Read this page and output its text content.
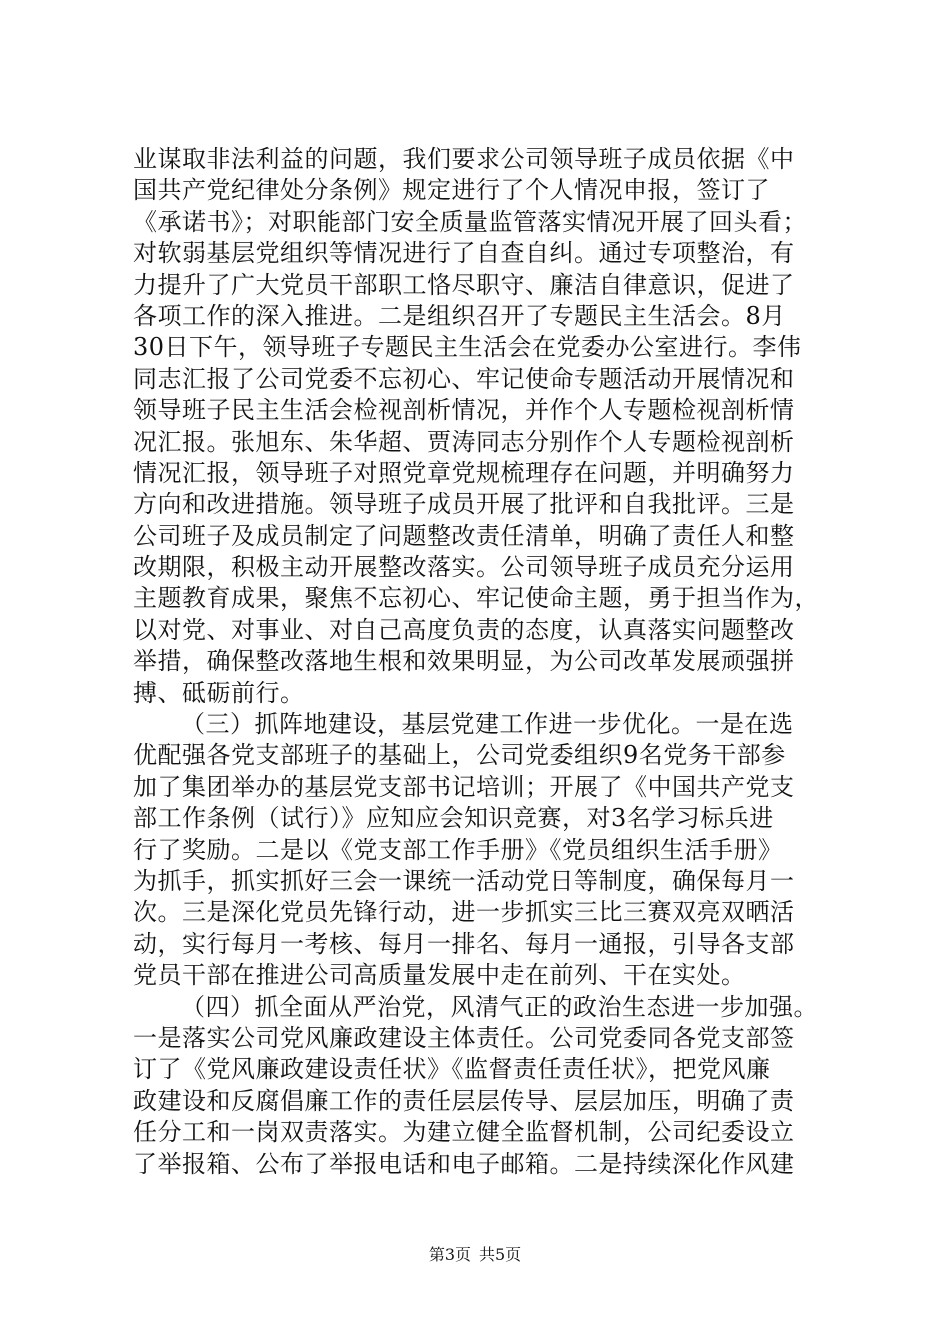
业谋取非法利益的问题，我们要求公司领导班子成员依据《中
国共产党纪律处分条例》规定进行了个人情况申报，签订了
《承诺书》；对职能部门安全质量监管落实情况开展了回头看；
对软弱基层党组织等情况进行了自查自纠。通过专项整治，有
力提升了广大党员干部职工恪尽职守、廉洁自律意识，促进了
各项工作的深入推进。二是组织召开了专题民主生活会。8月
30日下午，领导班子专题民主生活会在党委办公室进行。李伟
同志汇报了公司党委不忘初心、牢记使命专题活动开展情况和
领导班子民主生活会检视剖析情况，并作个人专题检视剖析情
况汇报。张旭东、朱华超、贾涛同志分别作个人专题检视剖析
情况汇报，领导班子对照党章党规梳理存在问题，并明确努力
方向和改进措施。领导班子成员开展了批评和自我批评。三是
公司班子及成员制定了问题整改责任清单，明确了责任人和整
改期限，积极主动开展整改落实。公司领导班子成员充分运用
主题教育成果，聚焦不忘初心、牢记使命主题，勇于担当作为，
以对党、对事业、对自己高度负责的态度，认真落实问题整改
举措，确保整改落地生根和效果明显，为公司改革发展顽强拼
搏、砥砺前行。
（三）抓阵地建设，基层党建工作进一步优化。一是在选
优配强各党支部班子的基础上，公司党委组织9名党务干部参
加了集团举办的基层党支部书记培训；开展了《中国共产党支
部工作条例（试行）》应知应会知识竞赛，对3名学习标兵进
行了奖励。二是以《党支部工作手册》《党员组织生活手册》
为抓手，抓实抓好三会一课统一活动党日等制度，确保每月一
次。三是深化党员先锋行动，进一步抓实三比三赛双亮双晒活
动，实行每月一考核、每月一排名、每月一通报，引导各支部
党员干部在推进公司高质量发展中走在前列、干在实处。
（四）抓全面从严治党，风清气正的政治生态进一步加强。
一是落实公司党风廉政建设主体责任。公司党委同各党支部签
订了《党风廉政建设责任状》《监督责任责任状》，把党风廉
政建设和反腐倡廉工作的责任层层传导、层层加压，明确了责
任分工和一岗双责落实。为建立健全监督机制，公司纪委设立
了举报箱、公布了举报电话和电子邮箱。二是持续深化作风建
第3页 共5页
